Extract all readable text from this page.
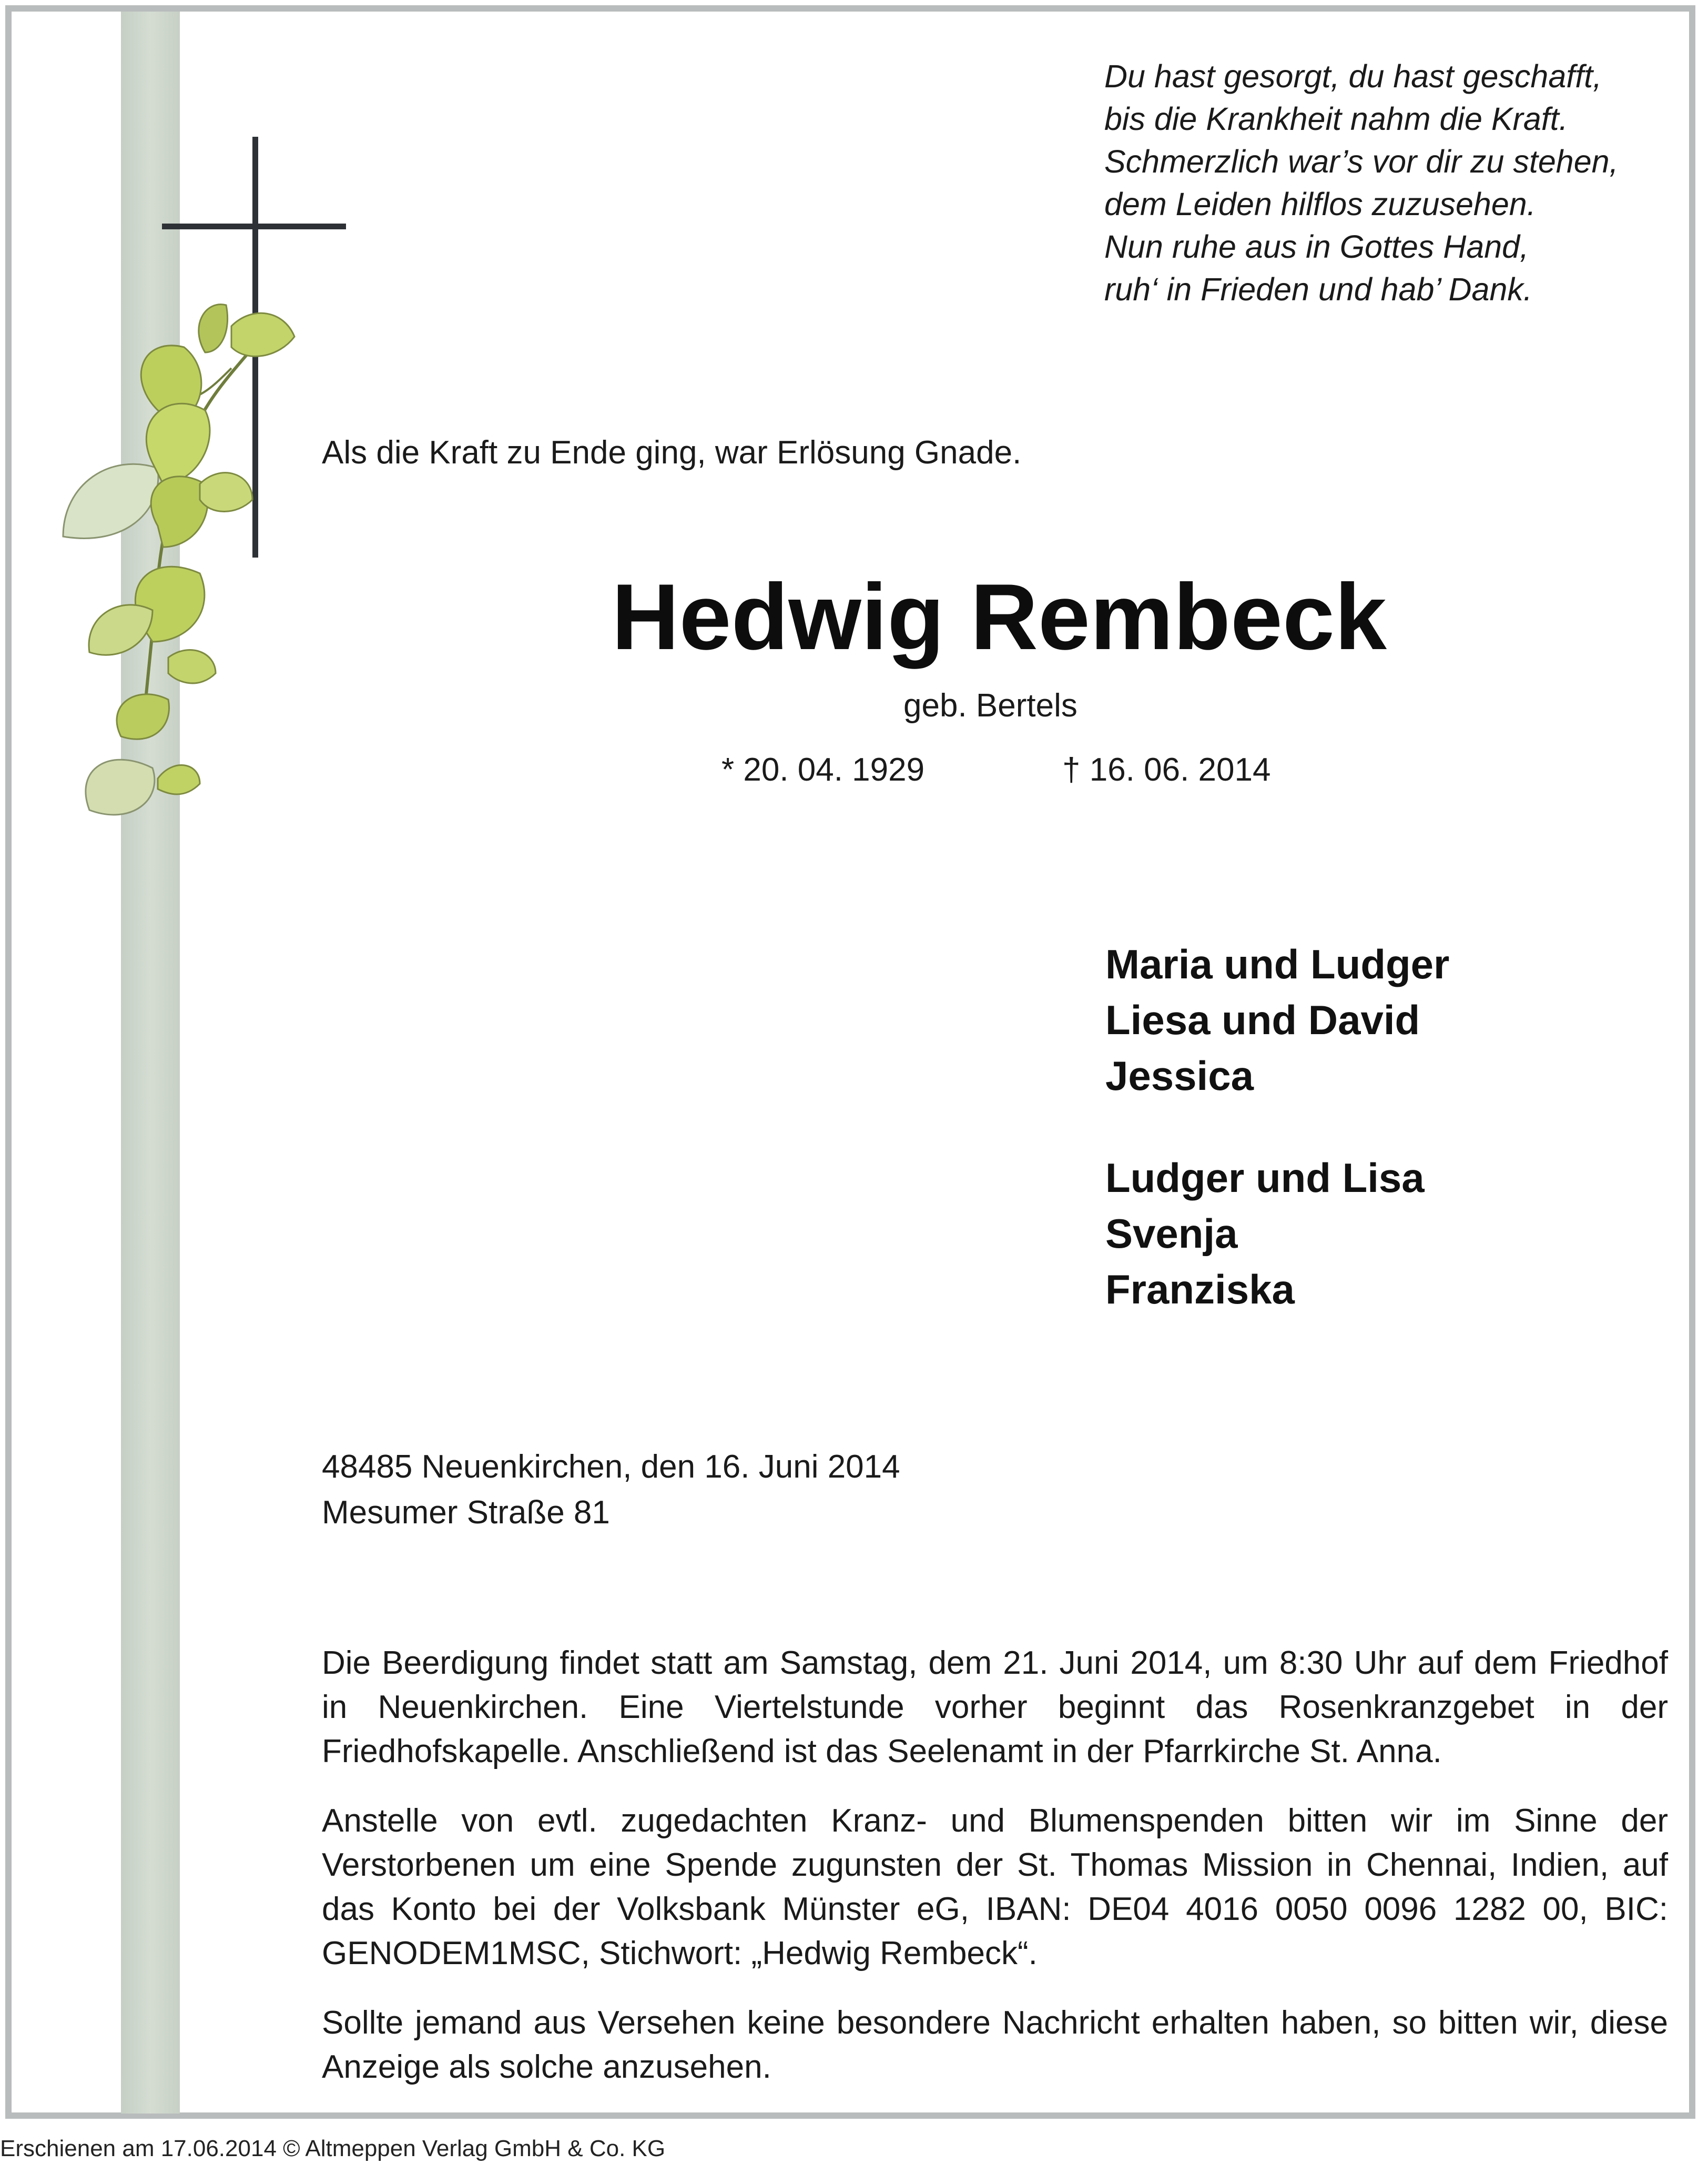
Du hast gesorgt, du hast geschafft,
bis die Krankheit nahm die Kraft.
Schmerzlich war’s vor dir zu stehen,
dem Leiden hilflos zuzusehen.
Nun ruhe aus in Gottes Hand,
ruh‘ in Frieden und hab’ Dank.
Als die Kraft zu Ende ging, war Erlösung Gnade.
Hedwig Rembeck
geb. Bertels
* 20. 04. 1929	† 16. 06. 2014
Maria und Ludger
Liesa und David
Jessica
Ludger und Lisa
Svenja
Franziska
48485 Neuenkirchen, den 16. Juni 2014
Mesumer Straße 81

Die Beerdigung findet statt am Samstag, dem 21. Juni 2014, um 8:30 Uhr auf dem Friedhof in Neuenkirchen. Eine Viertelstunde vorher beginnt das Rosenkranzgebet in der Friedhofskapelle. Anschließend ist das Seelenamt in der Pfarrkirche St. Anna.

Anstelle von evtl. zugedachten Kranz- und Blumenspenden bitten wir im Sinne der Verstorbenen um eine Spende zugunsten der St. Thomas Mission in Chennai, Indien, auf das Konto bei der Volksbank Münster eG, IBAN: DE04 4016 0050 0096 1282 00, BIC: GENODEM1MSC, Stichwort: „Hedwig Rembeck“.

Sollte jemand aus Versehen keine besondere Nachricht erhalten haben, so bitten wir, diese Anzeige als solche anzusehen.

Erschienen am 17.06.2014 © Altmeppen Verlag GmbH & Co. KG
